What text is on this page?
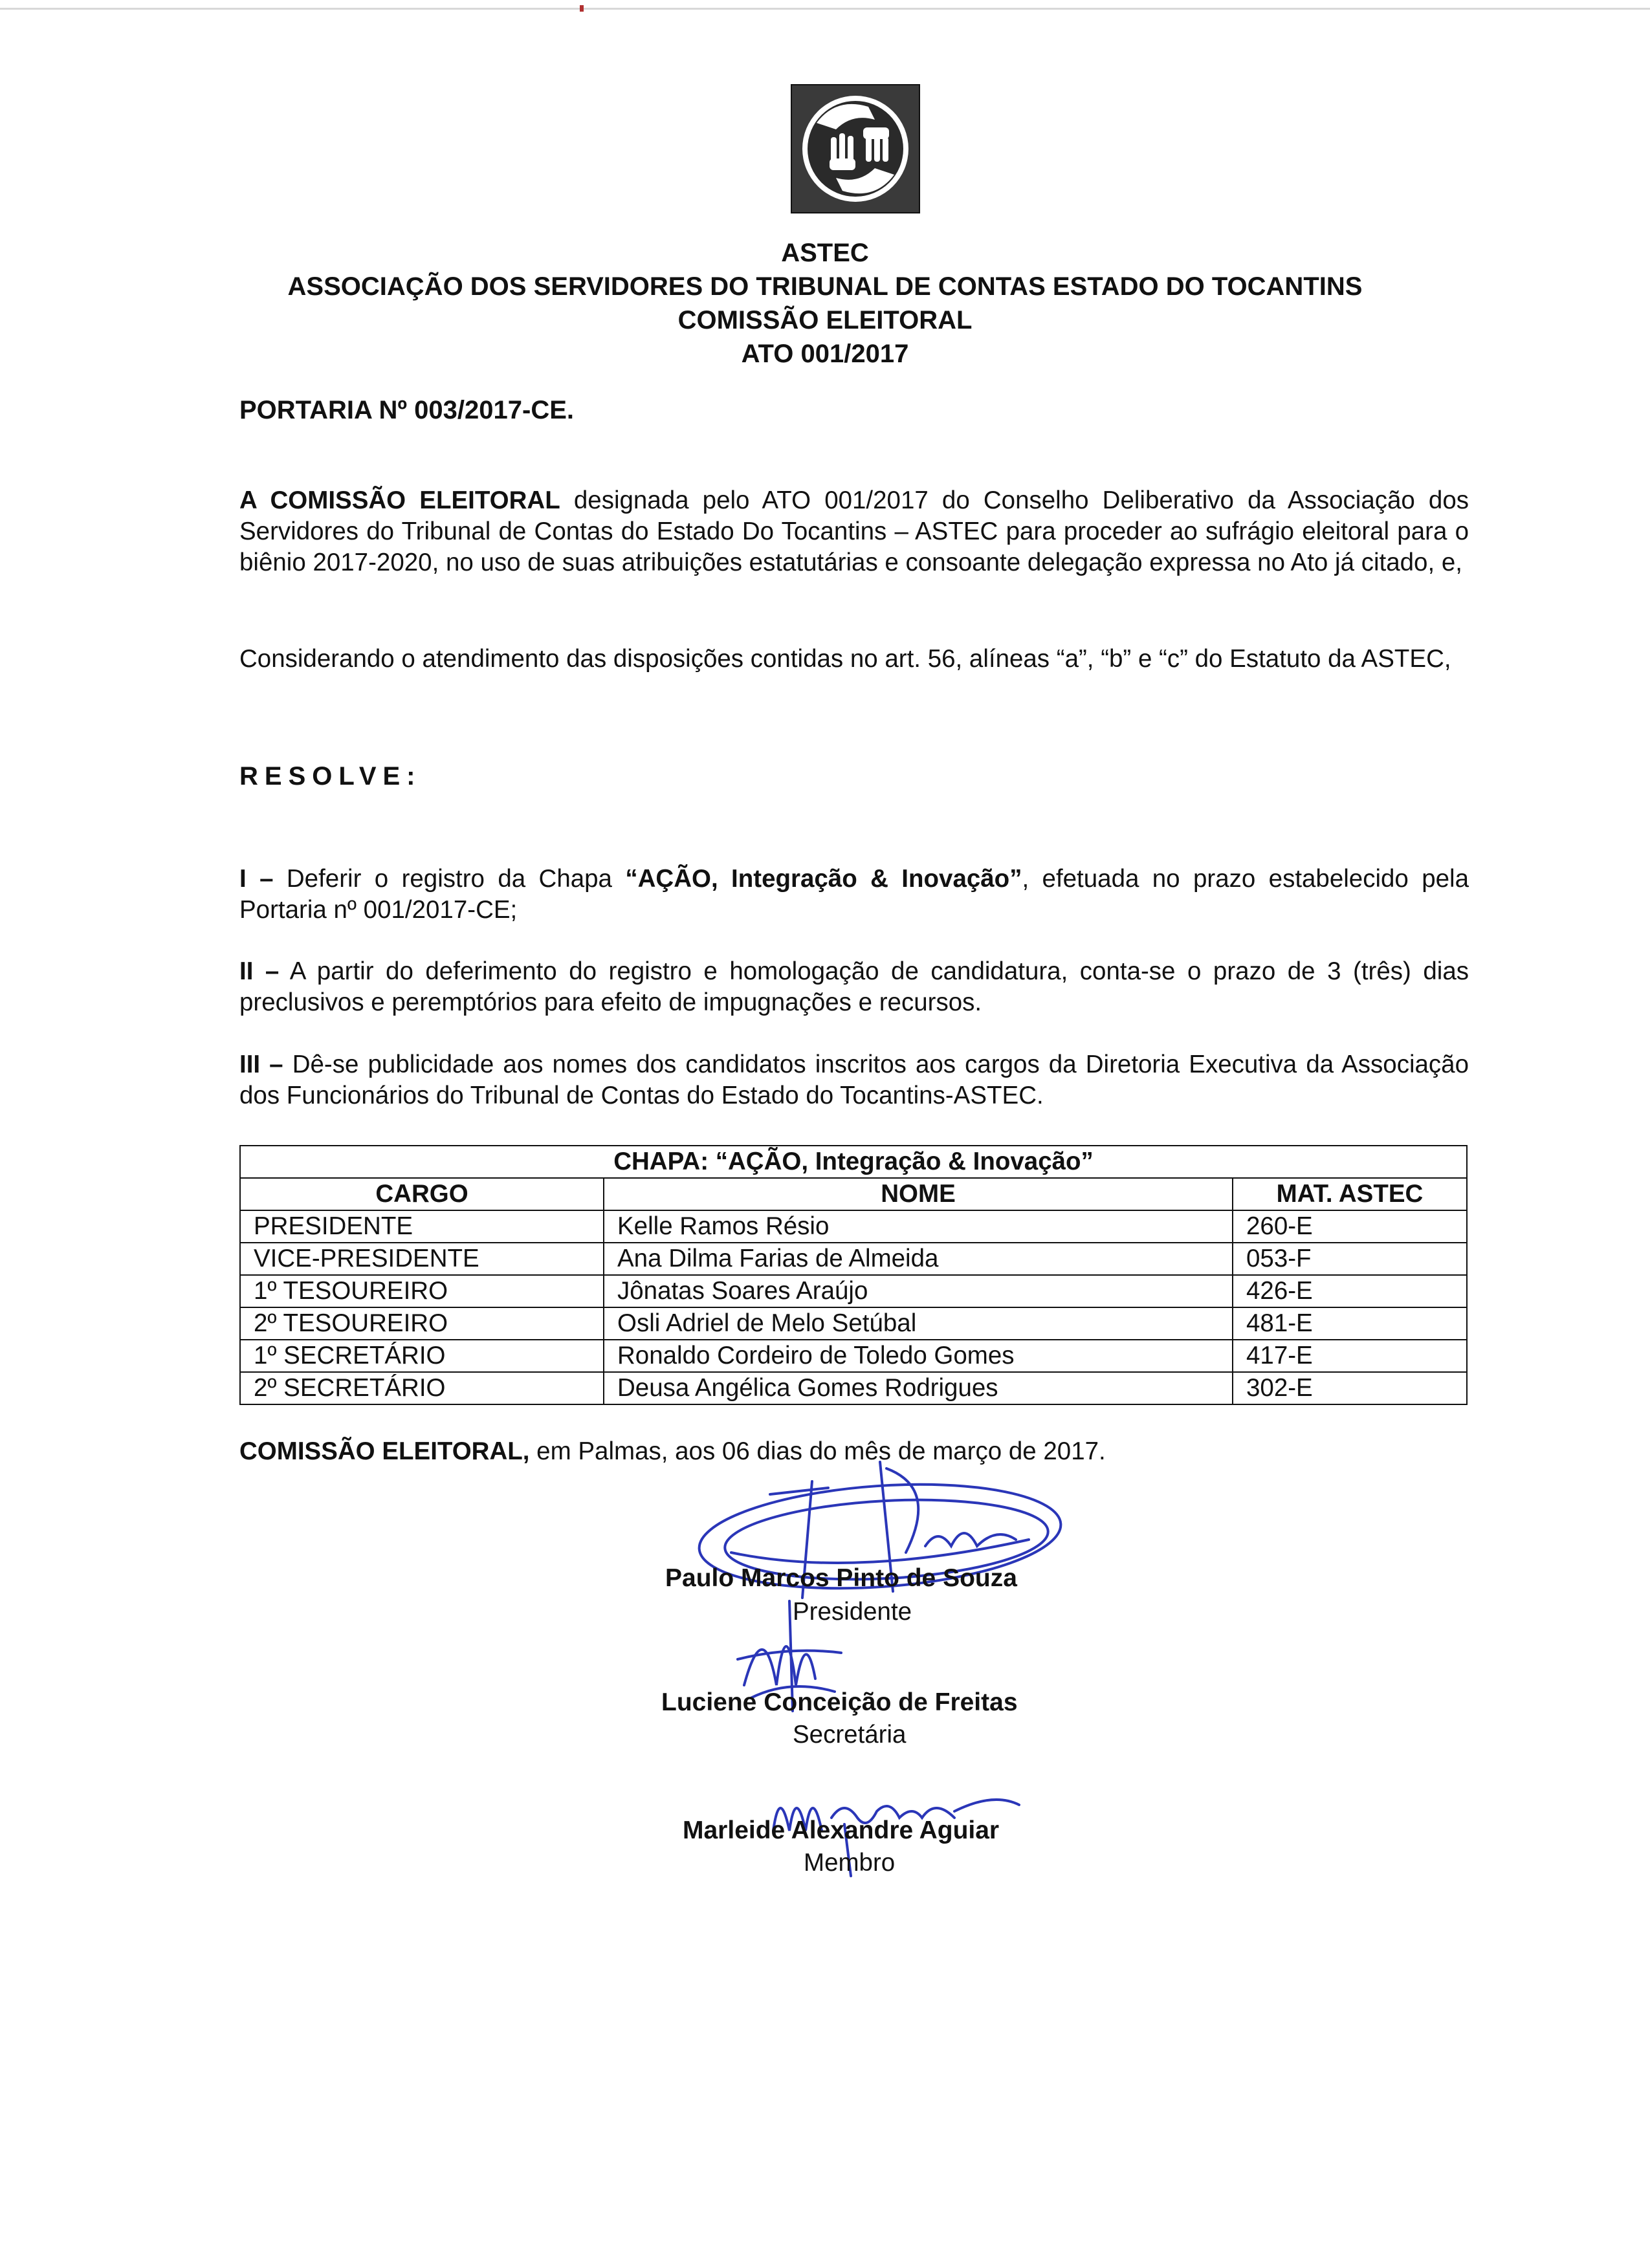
ASTEC
ASSOCIAÇÃO DOS SERVIDORES DO TRIBUNAL DE CONTAS ESTADO DO TOCANTINS
COMISSÃO ELEITORAL
ATO 001/2017
PORTARIA Nº 003/2017-CE.
A COMISSÃO ELEITORAL designada pelo ATO 001/2017 do Conselho Deliberativo da Associação dos Servidores do Tribunal de Contas do Estado Do Tocantins – ASTEC para proceder ao sufrágio eleitoral para o biênio 2017-2020, no uso de suas atribuições estatutárias e consoante delegação expressa no Ato já citado, e,
Considerando o atendimento das disposições contidas no art. 56, alíneas “a”, “b” e “c” do Estatuto da ASTEC,
RESOLVE:
I – Deferir o registro da Chapa “AÇÃO, Integração & Inovação”, efetuada no prazo estabelecido pela Portaria nº 001/2017-CE;
II – A partir do deferimento do registro e homologação de candidatura, conta-se o prazo de 3 (três) dias preclusivos e peremptórios para efeito de impugnações e recursos.
III – Dê-se publicidade aos nomes dos candidatos inscritos aos cargos da Diretoria Executiva da Associação dos Funcionários do Tribunal de Contas do Estado do Tocantins-ASTEC.
CHAPA: “AÇÃO, Integração & Inovação”		
CARGO	NOME	MAT. ASTEC
PRESIDENTE	Kelle Ramos Résio	260-E
VICE-PRESIDENTE	Ana Dilma Farias de Almeida	053-F
1º TESOUREIRO	Jônatas Soares Araújo	426-E
2º TESOUREIRO	Osli Adriel de Melo Setúbal	481-E
1º SECRETÁRIO	Ronaldo Cordeiro de Toledo Gomes	417-E
2º SECRETÁRIO	Deusa Angélica Gomes Rodrigues	302-E
COMISSÃO ELEITORAL, em Palmas, aos 06 dias do mês de março de 2017.
Paulo Marcos Pinto de Souza
Presidente
Luciene Conceição de Freitas
Secretária
Marleide Alexandre Aguiar
Membro
